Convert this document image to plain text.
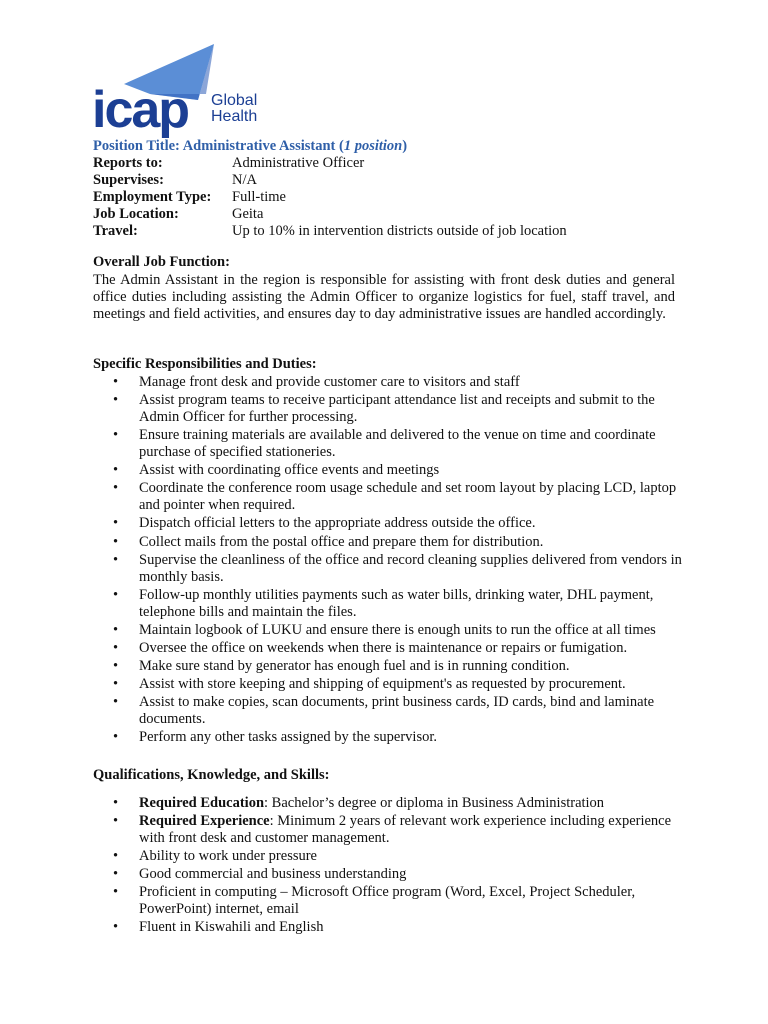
icap Global
Health
Position Title: Administrative Assistant (1 position)
Reports to:	Administrative Officer
Supervises:	N/A
Employment Type:	Full-time
Job Location:	Geita
Travel:	Up to 10% in intervention districts outside of job location
Overall Job Function:
The Admin Assistant in the region is responsible for assisting with front desk duties and general office duties including assisting the Admin Officer to organize logistics for fuel, staff travel, and meetings and field activities, and ensures day to day administrative issues are handled accordingly.
Specific Responsibilities and Duties:
• Manage front desk and provide customer care to visitors and staff
• Assist program teams to receive participant attendance list and receipts and submit to the Admin Officer for further processing.
• Ensure training materials are available and delivered to the venue on time and coordinate purchase of specified stationeries.
• Assist with coordinating office events and meetings
• Coordinate the conference room usage schedule and set room layout by placing LCD, laptop and pointer when required.
• Dispatch official letters to the appropriate address outside the office.
• Collect mails from the postal office and prepare them for distribution.
• Supervise the cleanliness of the office and record cleaning supplies delivered from vendors in monthly basis.
• Follow-up monthly utilities payments such as water bills, drinking water, DHL payment, telephone bills and maintain the files.
• Maintain logbook of LUKU and ensure there is enough units to run the office at all times
• Oversee the office on weekends when there is maintenance or repairs or fumigation.
• Make sure stand by generator has enough fuel and is in running condition.
• Assist with store keeping and shipping of equipment's as requested by procurement.
• Assist to make copies, scan documents, print business cards, ID cards, bind and laminate documents.
• Perform any other tasks assigned by the supervisor.
Qualifications, Knowledge, and Skills:
• Required Education: Bachelor’s degree or diploma in Business Administration
• Required Experience: Minimum 2 years of relevant work experience including experience with front desk and customer management.
• Ability to work under pressure
• Good commercial and business understanding
• Proficient in computing – Microsoft Office program (Word, Excel, Project Scheduler, PowerPoint) internet, email
• Fluent in Kiswahili and English
